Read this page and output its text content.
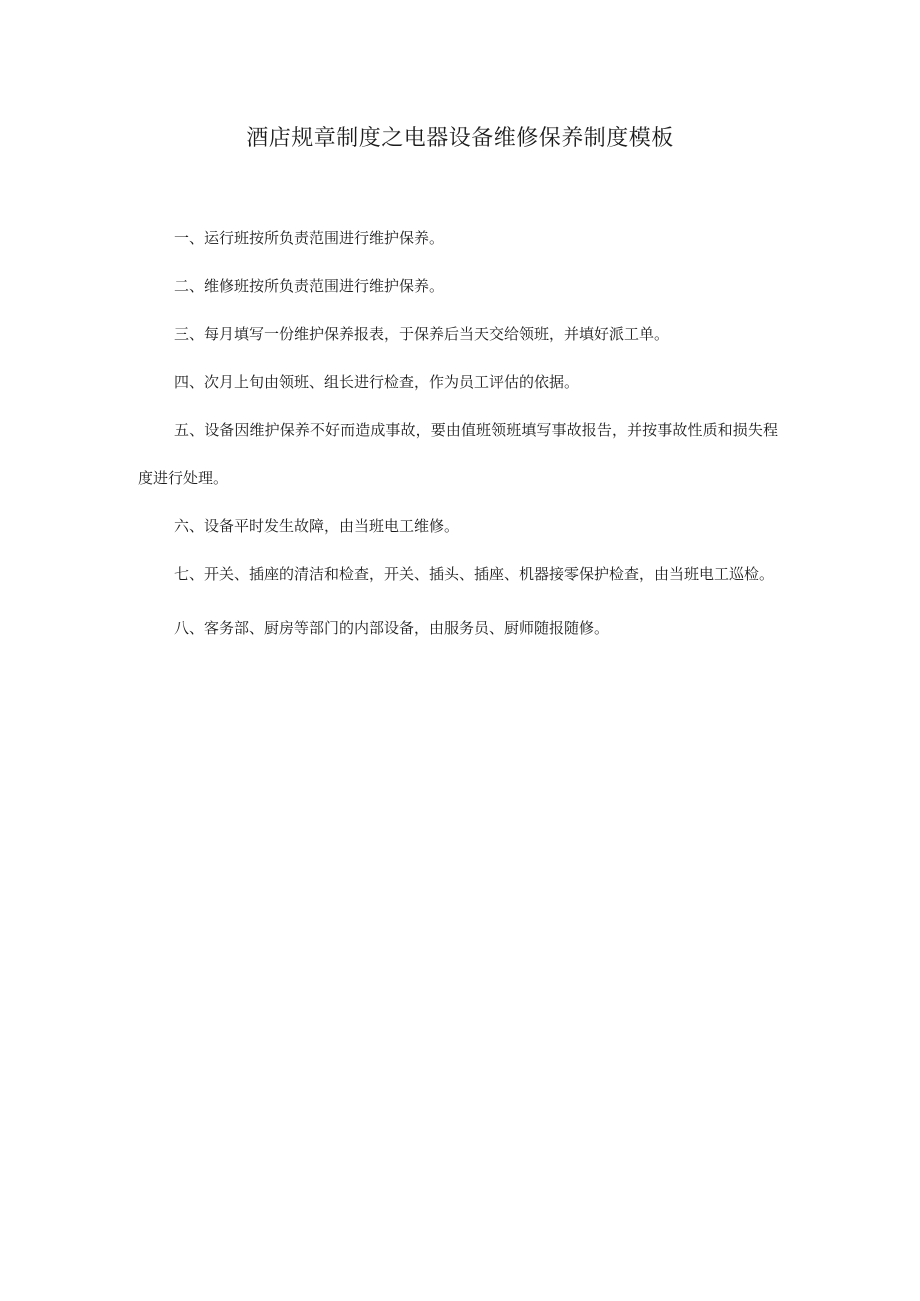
酒店规章制度之电器设备维修保养制度模板

一、运行班按所负责范围进行维护保养。

二、维修班按所负责范围进行维护保养。

三、每月填写一份维护保养报表，于保养后当天交给领班，并填好派工单。

四、次月上旬由领班、组长进行检查，作为员工评估的依据。

五、设备因维护保养不好而造成事故，要由值班领班填写事故报告，并按事故性质和损失程度进行处理。

六、设备平时发生故障，由当班电工维修。

七、开关、插座的清洁和检查，开关、插头、插座、机器接零保护检查，由当班电工巡检。

八、客务部、厨房等部门的内部设备，由服务员、厨师随报随修。
